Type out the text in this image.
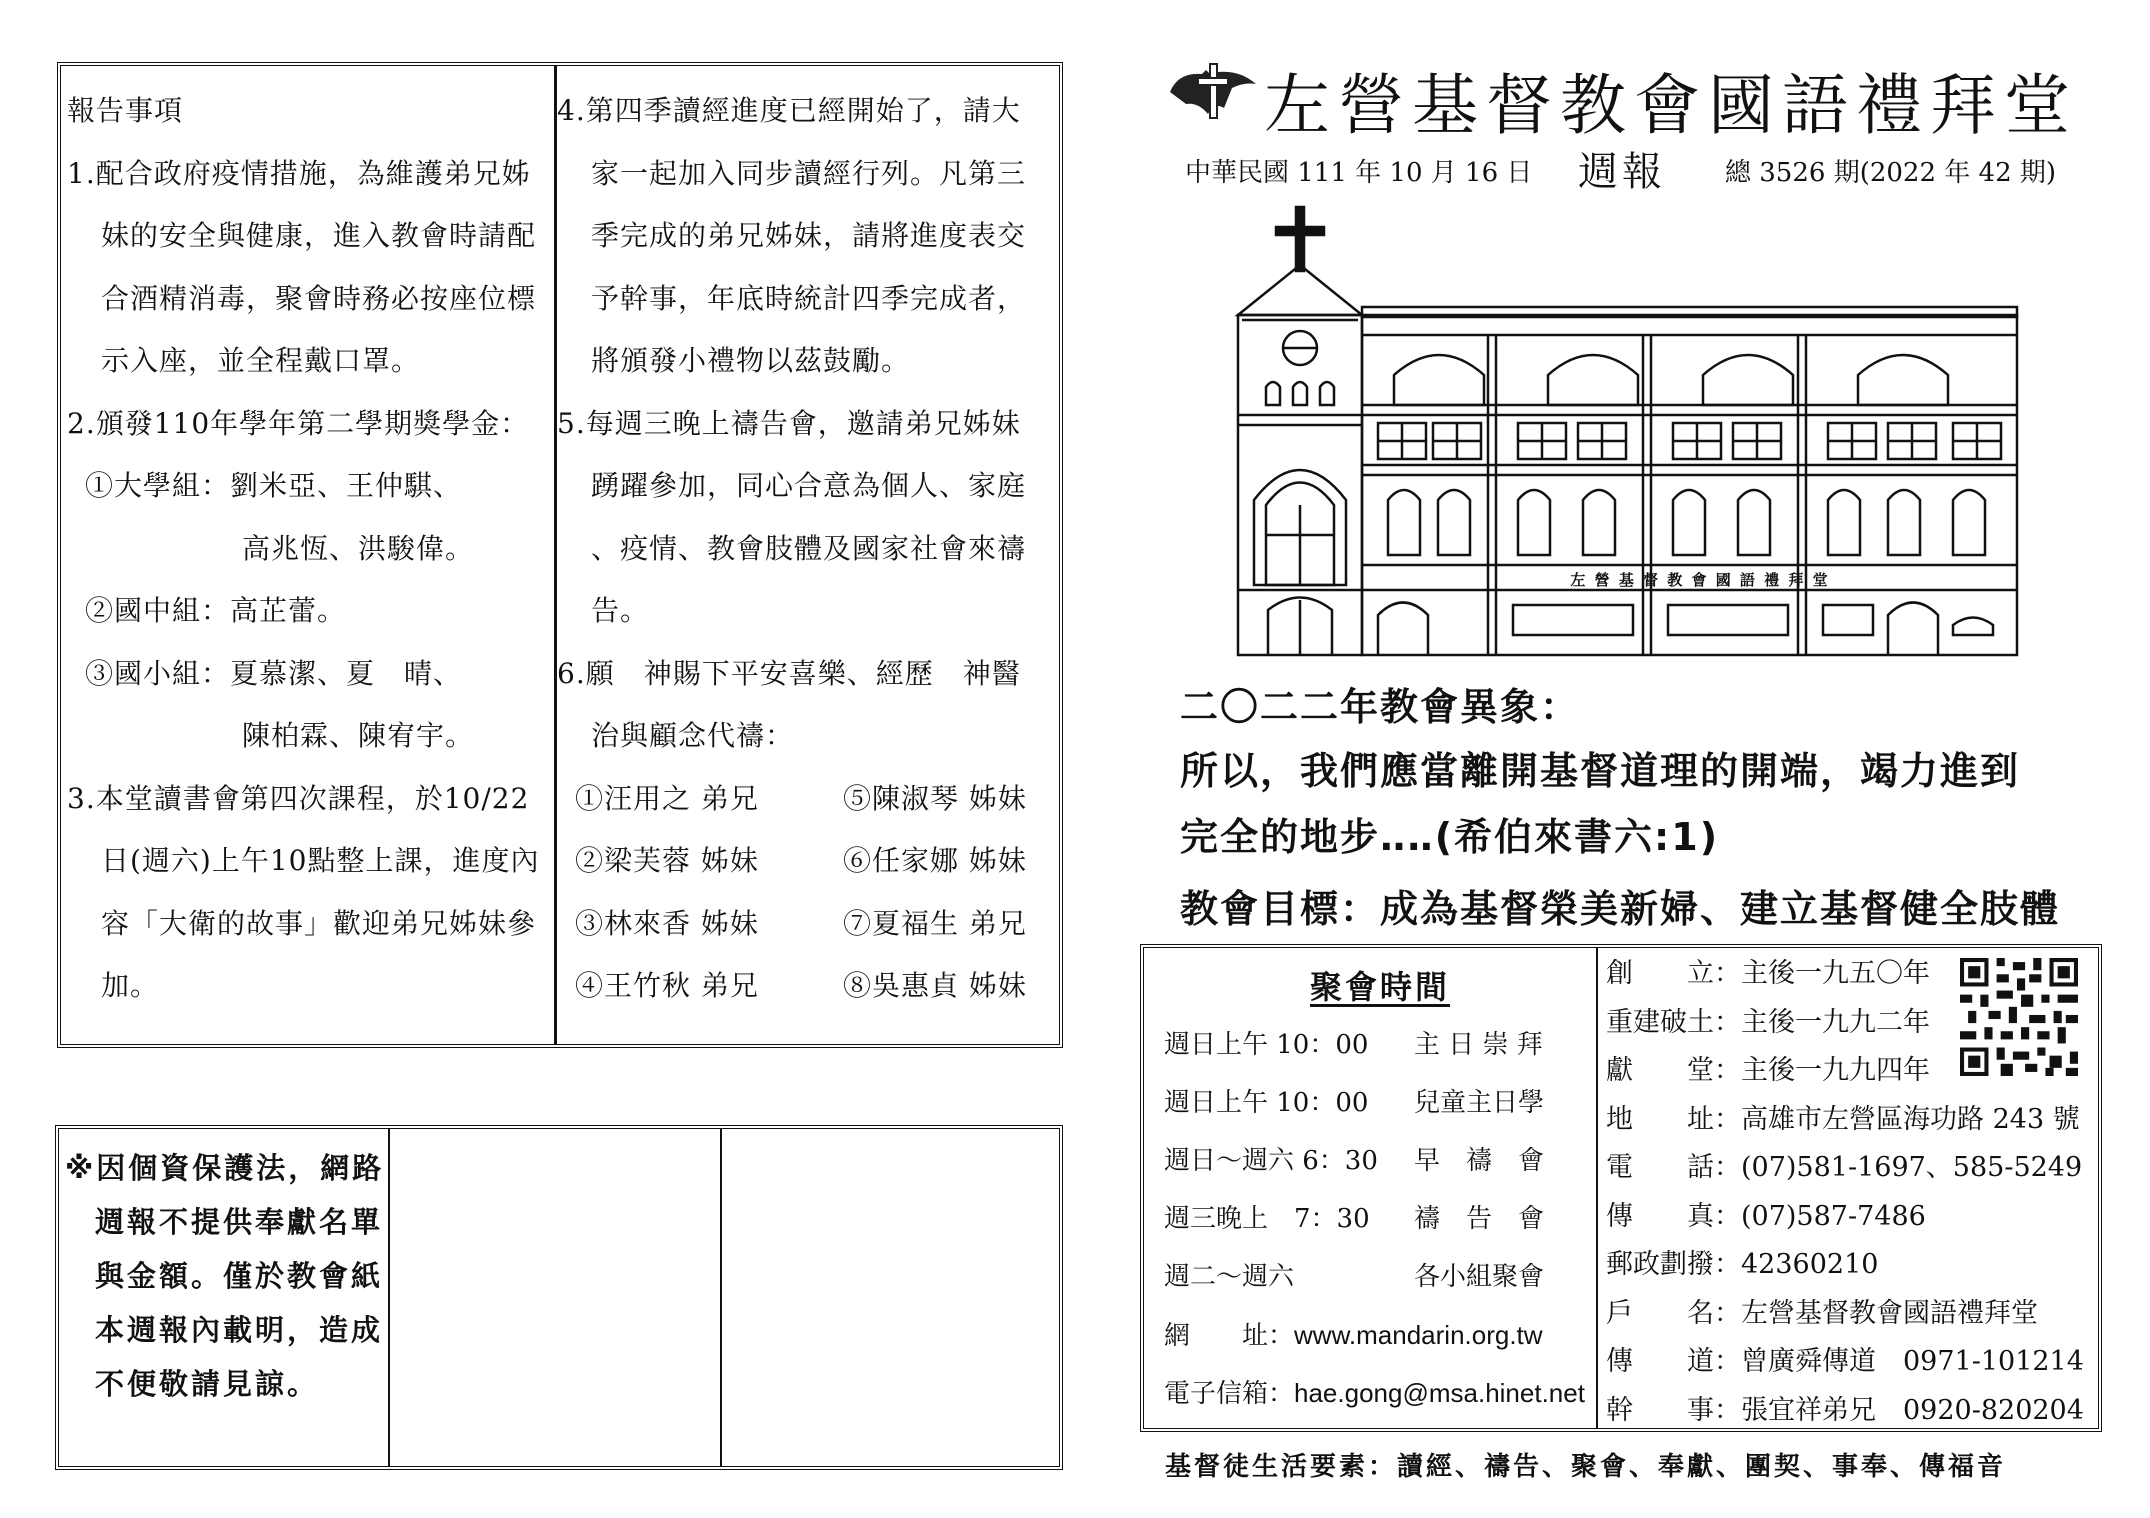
報告事項
1.配合政府疫情措施，為維護弟兄姊
妹的安全與健康，進入教會時請配
合酒精消毒，聚會時務必按座位標
示入座，並全程戴口罩。
2.頒發110年學年第二學期獎學金：
①大學組：劉米亞、王仲騏、
高兆恆、洪駿偉。
②國中組：高芷蕾。
③國小組：夏慕潔、夏　晴、
陳柏霖、陳宥宇。
3.本堂讀書會第四次課程，於10/22
日(週六)上午10點整上課，進度內
容「大衛的故事」歡迎弟兄姊妹參
加。
4.第四季讀經進度已經開始了，請大
家一起加入同步讀經行列。凡第三
季完成的弟兄姊妹，請將進度表交
予幹事，年底時統計四季完成者，
將頒發小禮物以茲鼓勵。
5.每週三晚上禱告會，邀請弟兄姊妹
踴躍參加，同心合意為個人、家庭
、疫情、教會肢體及國家社會來禱
告。
6.願　神賜下平安喜樂、經歷　神醫
治與顧念代禱：
①汪用之 弟兄	⑤陳淑琴 姊妹
②梁芙蓉 姊妹	⑥任家娜 姊妹
③林來香 姊妹	⑦夏福生 弟兄
④王竹秋 弟兄	⑧吳惠貞 姊妹
※因個資保護法，網路
週報不提供奉獻名單
與金額。僅於教會紙
本週報內載明，造成
不便敬請見諒。
左營基督教會國語禮拜堂
中華民國 111 年 10 月 16 日 週報 總 3526 期(2022 年 42 期)
左 營 基 督 教 會 國 語 禮 拜 堂
二〇二二年教會異象：
所以，我們應當離開基督道理的開端，竭力進到
完全的地步‥‥(希伯來書六:1)
教會目標：成為基督榮美新婦、建立基督健全肢體
聚會時間
週日上午 10：00 主 日 崇 拜
週日上午 10：00 兒童主日學
週日～週六 6：30 早　禱　會
週三晚上　7：30 禱　告　會
週二～週六	各小組聚會
網　　址：www.mandarin.org.tw
電子信箱：hae.gong@msa.hinet.net
創　　立：主後一九五〇年
重建破土：主後一九九二年
獻　　堂：主後一九九四年
地　　址：高雄市左營區海功路 243 號
電　　話：(07)581-1697、585-5249
傳　　真：(07)587-7486
郵政劃撥：42360210
戶　　名：左營基督教會國語禮拜堂
傳　　道：曾廣舜傳道　0971-101214
幹　　事：張宜祥弟兄　0920-820204
基督徒生活要素：讀經、禱告、聚會、奉獻、團契、事奉、傳福音
